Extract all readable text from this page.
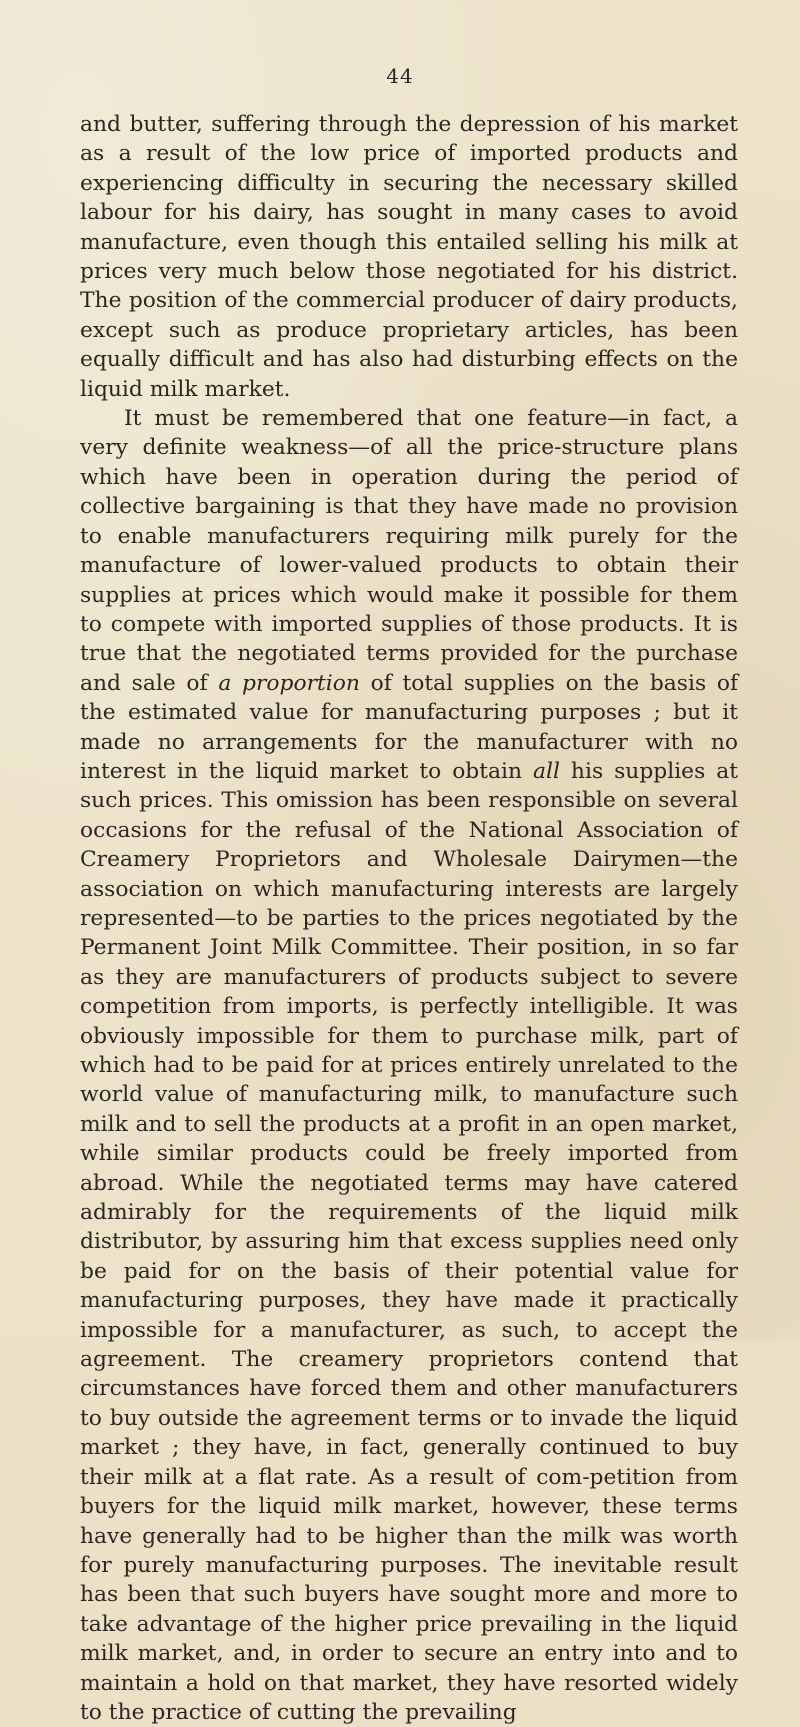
44

and butter, suffering through the depression of his market as a result of the low price of imported products and experiencing difficulty in securing the necessary skilled labour for his dairy, has sought in many cases to avoid manufacture, even though this entailed selling his milk at prices very much below those negotiated for his district. The position of the commercial producer of dairy products, except such as produce proprietary articles, has been equally difficult and has also had disturbing effects on the liquid milk market.

It must be remembered that one feature—in fact, a very definite weakness—of all the price-structure plans which have been in operation during the period of collective bargaining is that they have made no provision to enable manufacturers requiring milk purely for the manufacture of lower-valued products to obtain their supplies at prices which would make it possible for them to compete with imported supplies of those products. It is true that the negotiated terms provided for the purchase and sale of a proportion of total supplies on the basis of the estimated value for manufacturing purposes ; but it made no arrangements for the manufacturer with no interest in the liquid market to obtain all his supplies at such prices. This omission has been responsible on several occasions for the refusal of the National Association of Creamery Proprietors and Wholesale Dairymen—the association on which manufacturing interests are largely represented—to be parties to the prices negotiated by the Permanent Joint Milk Committee. Their position, in so far as they are manufacturers of products subject to severe competition from imports, is perfectly intelligible. It was obviously impossible for them to purchase milk, part of which had to be paid for at prices entirely unrelated to the world value of manufacturing milk, to manufacture such milk and to sell the products at a profit in an open market, while similar products could be freely imported from abroad. While the negotiated terms may have catered admirably for the requirements of the liquid milk distributor, by assuring him that excess supplies need only be paid for on the basis of their potential value for manufacturing purposes, they have made it practically impossible for a manufacturer, as such, to accept the agreement. The creamery proprietors contend that circumstances have forced them and other manufacturers to buy outside the agreement terms or to invade the liquid market ; they have, in fact, generally continued to buy their milk at a flat rate. As a result of com-petition from buyers for the liquid milk market, however, these terms have generally had to be higher than the milk was worth for purely manufacturing purposes. The inevitable result has been that such buyers have sought more and more to take advantage of the higher price prevailing in the liquid milk market, and, in order to secure an entry into and to maintain a hold on that market, they have resorted widely to the practice of cutting the prevailing
